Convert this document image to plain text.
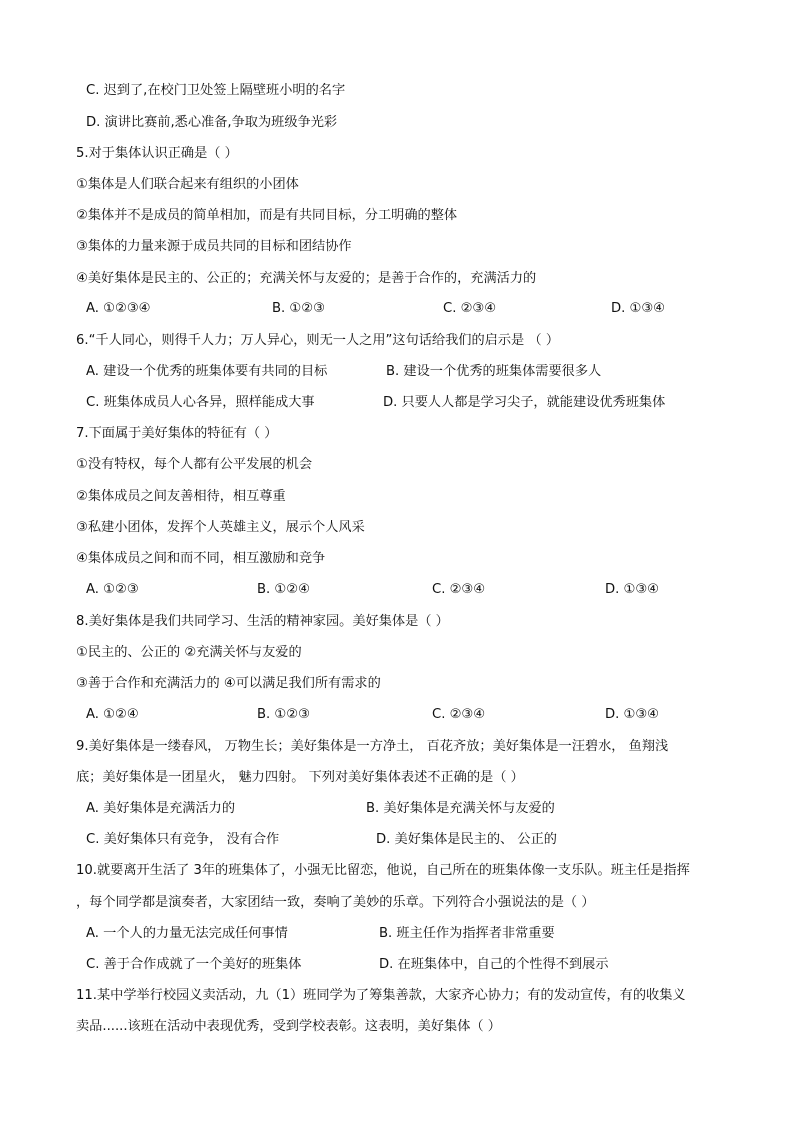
C. 迟到了,在校门卫处签上隔壁班小明的名字
D. 演讲比赛前,悉心准备,争取为班级争光彩
5.对于集体认识正确是（ ）
①集体是人们联合起来有组织的小团体
②集体并不是成员的简单相加，而是有共同目标，分工明确的整体
③集体的力量来源于成员共同的目标和团结协作
④美好集体是民主的、公正的；充满关怀与友爱的；是善于合作的，充满活力的
A. ①②③④	B. ①②③	C. ②③④	D. ①③④
6.“千人同心，则得千人力；万人异心，则无一人之用”这句话给我们的启示是 （ ）
A. 建设一个优秀的班集体要有共同的目标	B. 建设一个优秀的班集体需要很多人
C. 班集体成员人心各异，照样能成大事	D. 只要人人都是学习尖子，就能建设优秀班集体
7.下面属于美好集体的特征有（ ）
①没有特权，每个人都有公平发展的机会
②集体成员之间友善相待，相互尊重
③私建小团体，发挥个人英雄主义，展示个人风采
④集体成员之间和而不同，相互激励和竞争
A. ①②③	B. ①②④	C. ②③④	D. ①③④
8.美好集体是我们共同学习、生活的精神家园。美好集体是（ ）
①民主的、公正的 ②充满关怀与友爱的
③善于合作和充满活力的 ④可以满足我们所有需求的
A. ①②④	B. ①②③	C. ②③④	D. ①③④
9.美好集体是一缕春风， 万物生长；美好集体是一方净土， 百花齐放；美好集体是一汪碧水， 鱼翔浅
底；美好集体是一团星火， 魅力四射。 下列对美好集体表述不正确的是（ ）
A. 美好集体是充满活力的	B. 美好集体是充满关怀与友爱的
C. 美好集体只有竞争， 没有合作	D. 美好集体是民主的、 公正的
10.就要离开生活了 3年的班集体了，小强无比留恋，他说，自己所在的班集体像一支乐队。班主任是指挥
，每个同学都是演奏者，大家团结一致，奏响了美妙的乐章。下列符合小强说法的是（ ）
A. 一个人的力量无法完成任何事情	B. 班主任作为指挥者非常重要
C. 善于合作成就了一个美好的班集体	D. 在班集体中，自己的个性得不到展示
11.某中学举行校园义卖活动，九（1）班同学为了筹集善款，大家齐心协力；有的发动宣传，有的收集义
卖品......该班在活动中表现优秀，受到学校表彰。这表明，美好集体（ ）
